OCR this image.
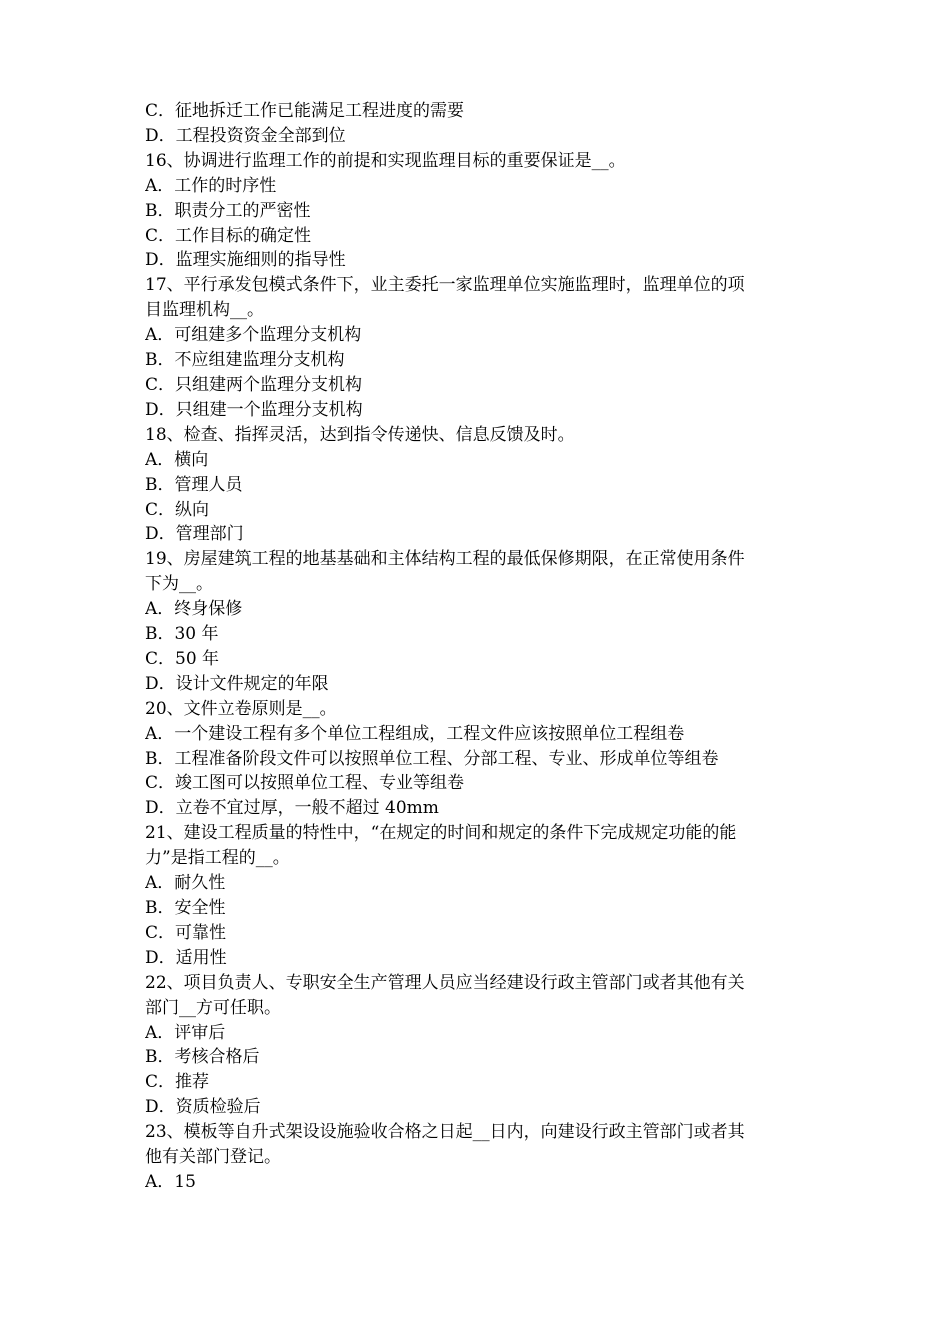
C．征地拆迁工作已能满足工程进度的需要
D．工程投资资金全部到位
16、协调进行监理工作的前提和实现监理目标的重要保证是__。
A．工作的时序性
B．职责分工的严密性
C．工作目标的确定性
D．监理实施细则的指导性
17、平行承发包模式条件下，业主委托一家监理单位实施监理时，监理单位的项
目监理机构__。
A．可组建多个监理分支机构
B．不应组建监理分支机构
C．只组建两个监理分支机构
D．只组建一个监理分支机构
18、检查、指挥灵活，达到指令传递快、信息反馈及时。
A．横向
B．管理人员
C．纵向
D．管理部门
19、房屋建筑工程的地基基础和主体结构工程的最低保修期限，在正常使用条件
下为__。
A．终身保修
B．30 年
C．50 年
D．设计文件规定的年限
20、文件立卷原则是__。
A．一个建设工程有多个单位工程组成，工程文件应该按照单位工程组卷
B．工程准备阶段文件可以按照单位工程、分部工程、专业、形成单位等组卷
C．竣工图可以按照单位工程、专业等组卷
D．立卷不宜过厚，一般不超过 40mm
21、建设工程质量的特性中，“在规定的时间和规定的条件下完成规定功能的能
力”是指工程的__。
A．耐久性
B．安全性
C．可靠性
D．适用性
22、项目负责人、专职安全生产管理人员应当经建设行政主管部门或者其他有关
部门__方可任职。
A．评审后
B．考核合格后
C．推荐
D．资质检验后
23、模板等自升式架设设施验收合格之日起__日内，向建设行政主管部门或者其
他有关部门登记。
A．15
